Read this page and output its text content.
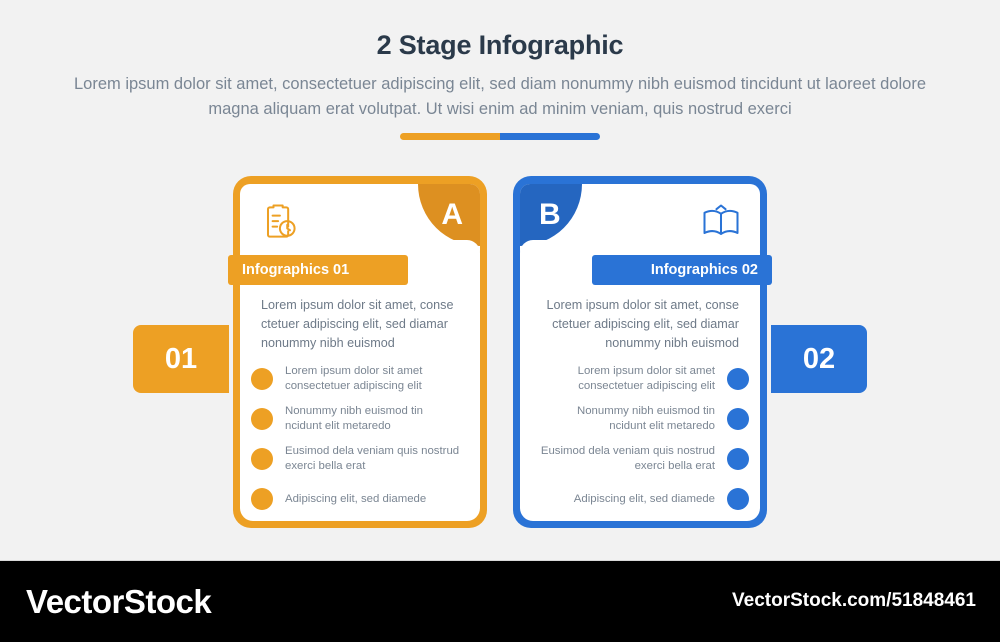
2 Stage Infographic
Lorem ipsum dolor sit amet, consectetuer adipiscing elit, sed diam nonummy nibh euismod tincidunt ut laoreet dolore magna aliquam erat volutpat. Ut wisi enim ad minim veniam, quis nostrud exerci
A
Infographics 01
Lorem ipsum dolor sit amet, conse ctetuer adipiscing elit, sed diamar nonummy nibh euismod
Lorem ipsum dolor sit amet consectetuer adipiscing elit
Nonummy nibh euismod tin ncidunt elit metaredo
Eusimod dela veniam quis nostrud exerci bella erat
Adipiscing elit, sed diamede
B
Infographics 02
Lorem ipsum dolor sit amet, conse ctetuer adipiscing elit, sed diamar nonummy nibh euismod
Lorem ipsum dolor sit amet consectetuer adipiscing elit
Nonummy nibh euismod tin ncidunt elit metaredo
Eusimod dela veniam quis nostrud exerci bella erat
Adipiscing elit, sed diamede
01	02
VectorStock	VectorStock.com/51848461
